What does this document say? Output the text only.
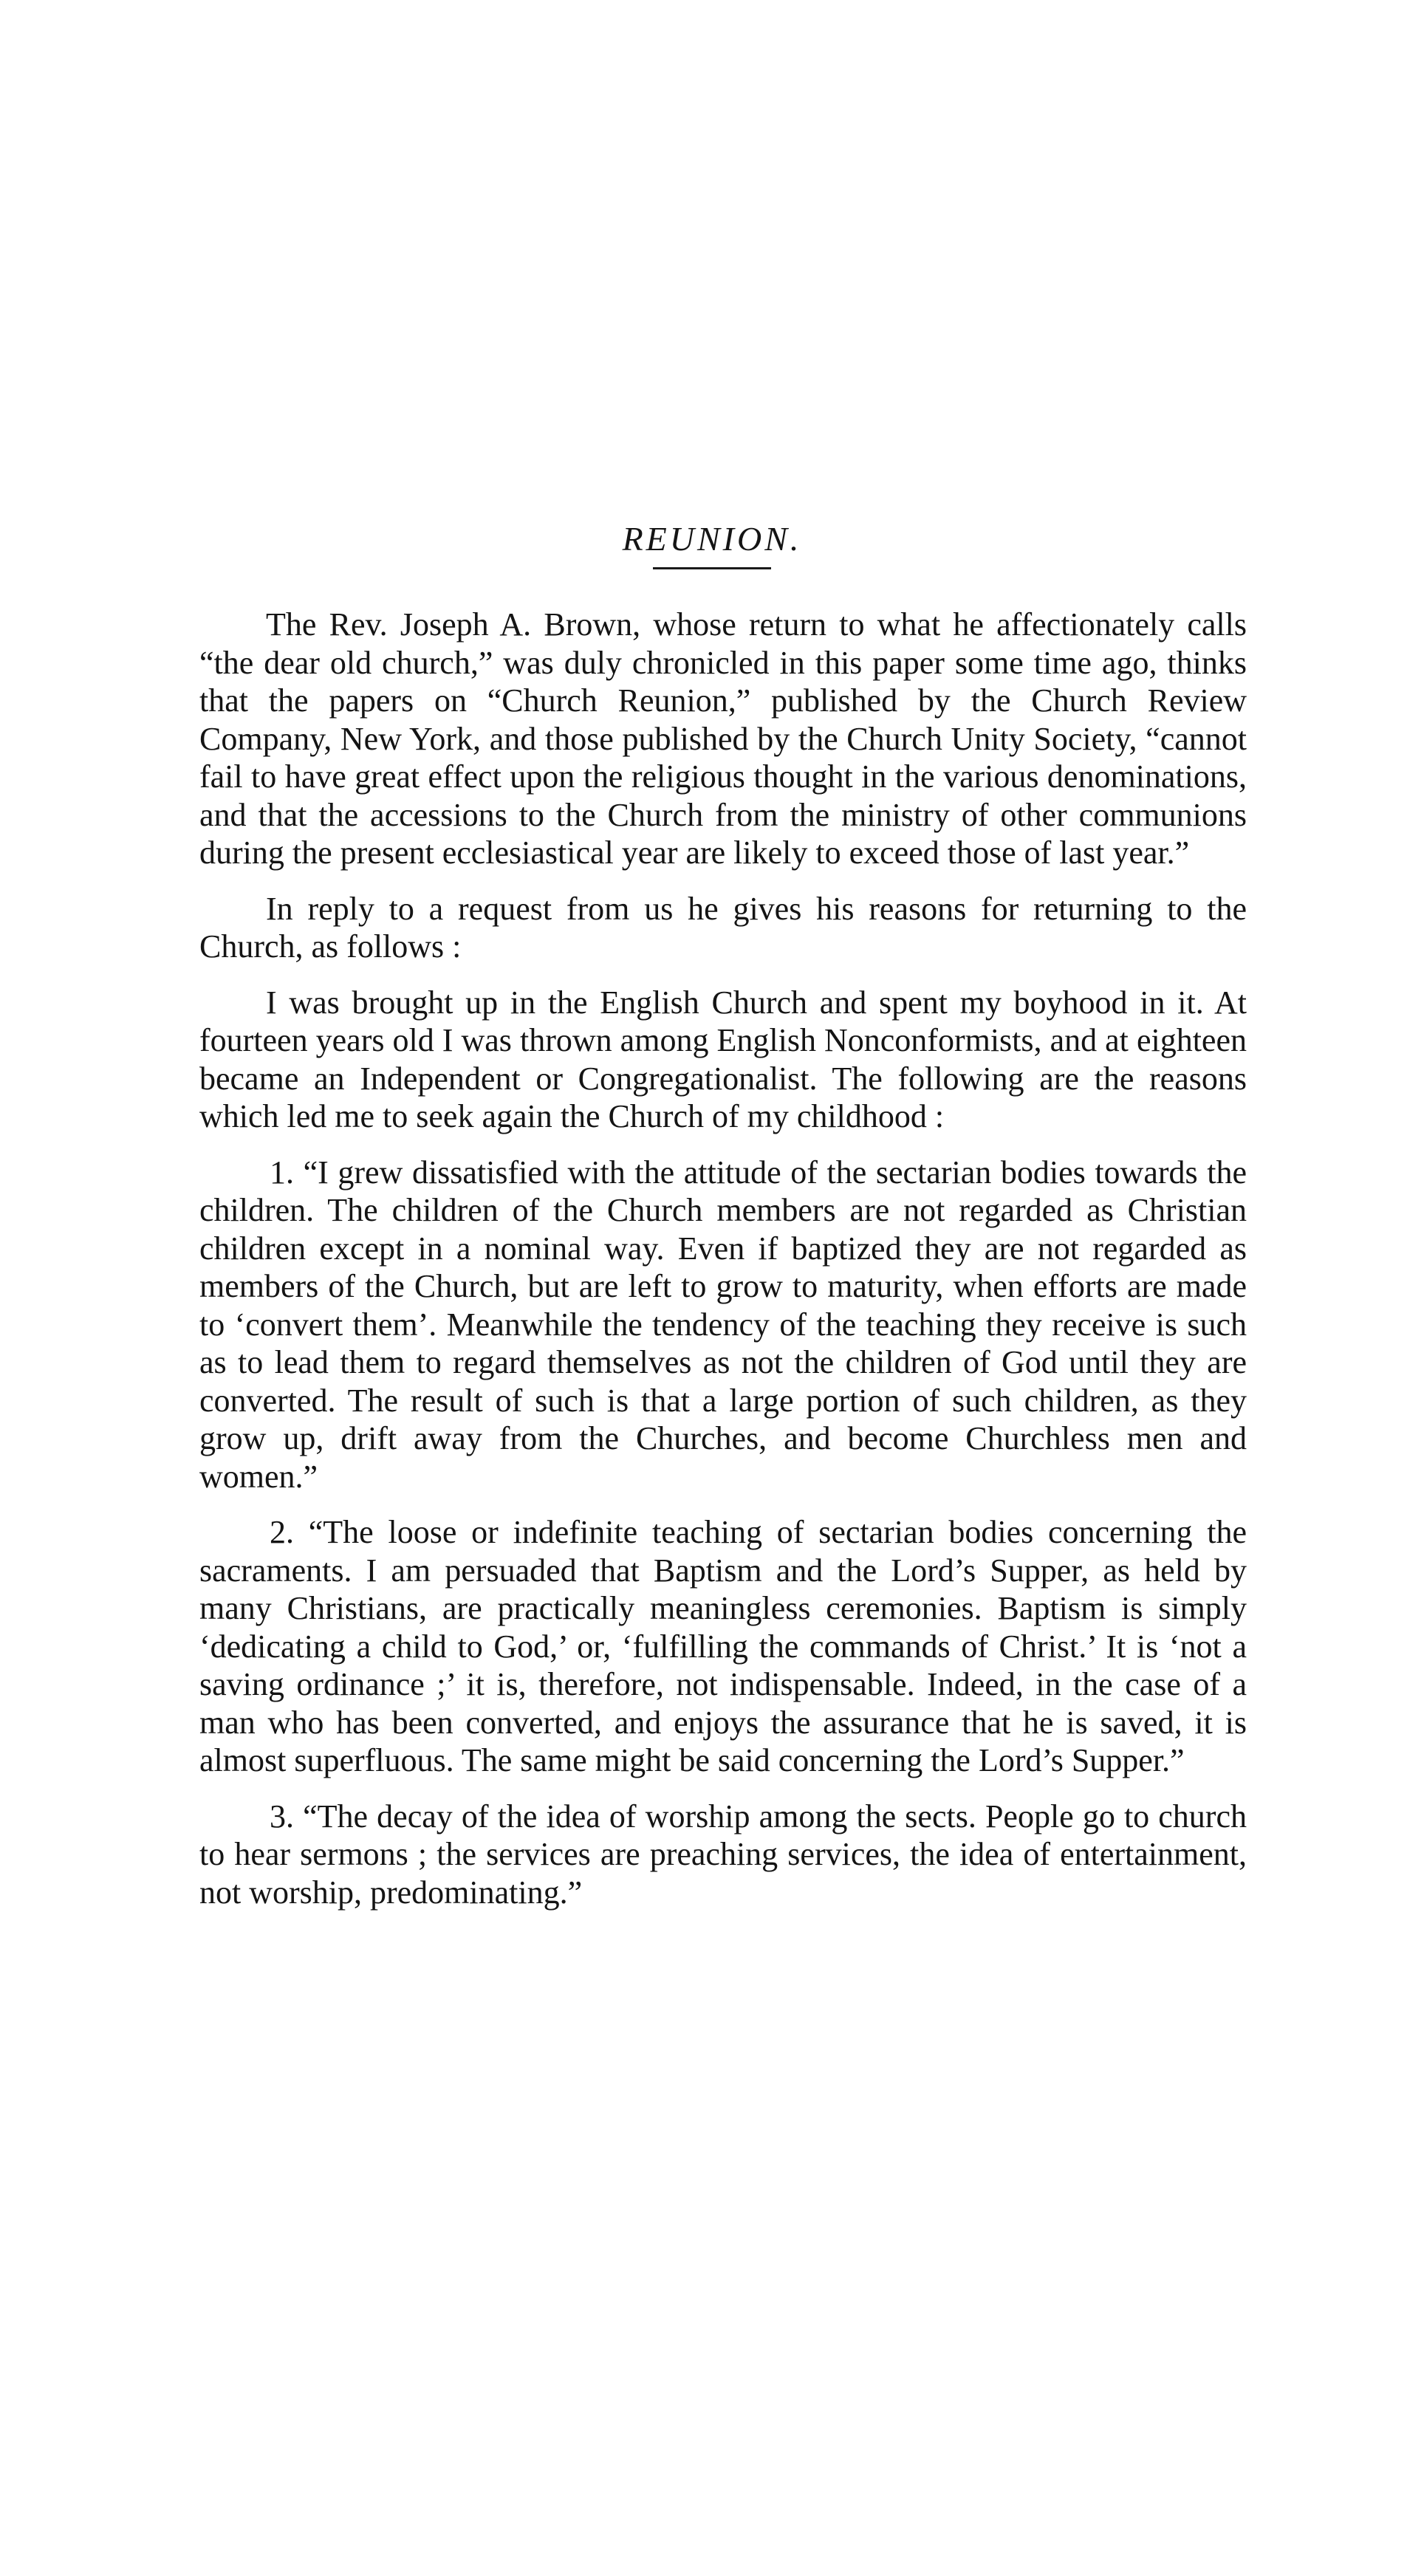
REUNION.

The Rev. Joseph A. Brown, whose return to what he affectionately calls “the dear old church,” was duly chronicled in this paper some time ago, thinks that the papers on “Church Reunion,” published by the Church Review Company, New York, and those published by the Church Unity Society, “cannot fail to have great effect upon the religious thought in the various denominations, and that the accessions to the Church from the ministry of other communions during the present ecclesiastical year are likely to exceed those of last year.”

In reply to a request from us he gives his reasons for returning to the Church, as follows :

I was brought up in the English Church and spent my boyhood in it. At fourteen years old I was thrown among English Nonconformists, and at eighteen became an Independent or Congregationalist. The following are the reasons which led me to seek again the Church of my childhood :

1. “I grew dissatisfied with the attitude of the sectarian bodies towards the children. The children of the Church members are not regarded as Christian children except in a nominal way. Even if baptized they are not regarded as members of the Church, but are left to grow to maturity, when efforts are made to ‘convert them’. Meanwhile the tendency of the teaching they receive is such as to lead them to regard themselves as not the children of God until they are converted. The result of such is that a large portion of such children, as they grow up, drift away from the Churches, and become Churchless men and women.”

2. “The loose or indefinite teaching of sectarian bodies concerning the sacraments. I am persuaded that Baptism and the Lord’s Supper, as held by many Christians, are practically meaningless ceremonies. Baptism is simply ‘dedicating a child to God,’ or, ‘fulfilling the commands of Christ.’ It is ‘not a saving ordinance ;’ it is, therefore, not indispensable. Indeed, in the case of a man who has been converted, and enjoys the assurance that he is saved, it is almost superfluous. The same might be said concerning the Lord’s Supper.”

3. “The decay of the idea of worship among the sects. People go to church to hear sermons ; the services are preaching services, the idea of entertainment, not worship, predominating.”
